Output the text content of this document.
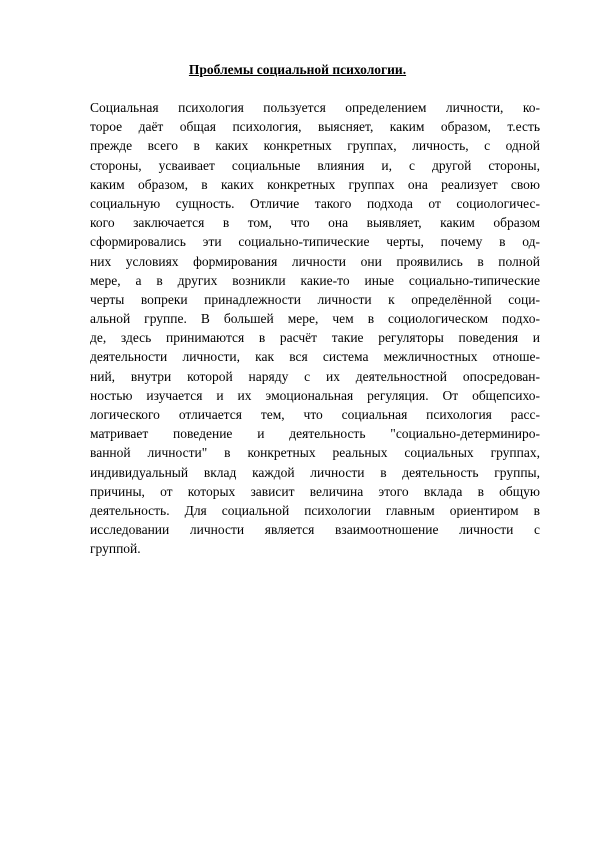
Проблемы социальной психологии.
Социальная психология пользуется определением личности, ко-
торое даёт общая психология, выясняет, каким образом, т.есть
прежде всего в каких конкретных группах, личность, с одной
стороны, усваивает социальные влияния и, с другой стороны,
каким образом, в каких конкретных группах она реализует свою
социальную сущность. Отличие такого подхода от социологичес-
кого заключается в том, что она выявляет, каким образом
сформировались эти социально-типические черты, почему в од-
них условиях формирования личности они проявились в полной
мере, а в других возникли какие-то иные социально-типические
черты вопреки принадлежности личности к определённой соци-
альной группе. В большей мере, чем в социологическом подхо-
де, здесь принимаются в расчёт такие регуляторы поведения и
деятельности личности, как вся система межличностных отноше-
ний, внутри которой наряду с их деятельностной опосредован-
ностью изучается и их эмоциональная регуляция. От общепсихо-
логического отличается тем, что социальная психология расс-
матривает поведение и деятельность "социально-детерминиро-
ванной личности" в конкретных реальных социальных группах,
индивидуальный вклад каждой личности в деятельность группы,
причины, от которых зависит величина этого вклада в общую
деятельность. Для социальной психологии главным ориентиром в
исследовании личности является взаимоотношение личности с
группой.
